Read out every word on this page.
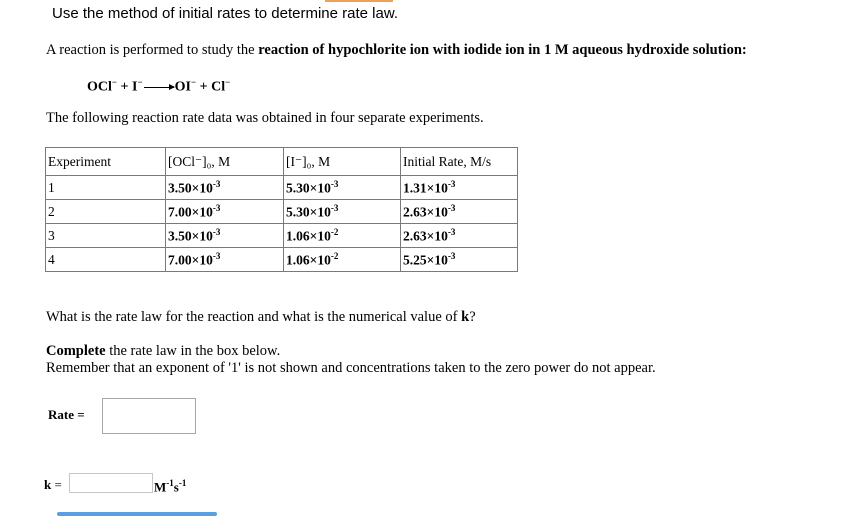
Use the method of initial rates to determine rate law.
A reaction is performed to study the reaction of hypochlorite ion with iodide ion in 1 M aqueous hydroxide solution:
OCl− + I− →OI− + Cl−
The following reaction rate data was obtained in four separate experiments.
Experiment	[OCl⁻]₀, M	[I⁻]₀, M	Initial Rate, M/s
1	$3.50\times 10^{-3}$	$5.30\times 10^{-3}$	$1.31\times 10^{-3}$
2	$7.00\times 10^{-3}$	$5.30\times 10^{-3}$	$2.63\times 10^{-3}$
3	$3.50\times 10^{-3}$	$1.06\times 10^{-2}$	$2.63\times 10^{-3}$
4	$7.00\times 10^{-3}$	$1.06\times 10^{-2}$	$5.25\times 10^{-3}$
What is the rate law for the reaction and what is the numerical value of k?
Complete the rate law in the box below.
Remember that an exponent of '1' is not shown and concentrations taken to the zero power do not appear.
Rate =
k =	$M^{-1}s^{-1}$
